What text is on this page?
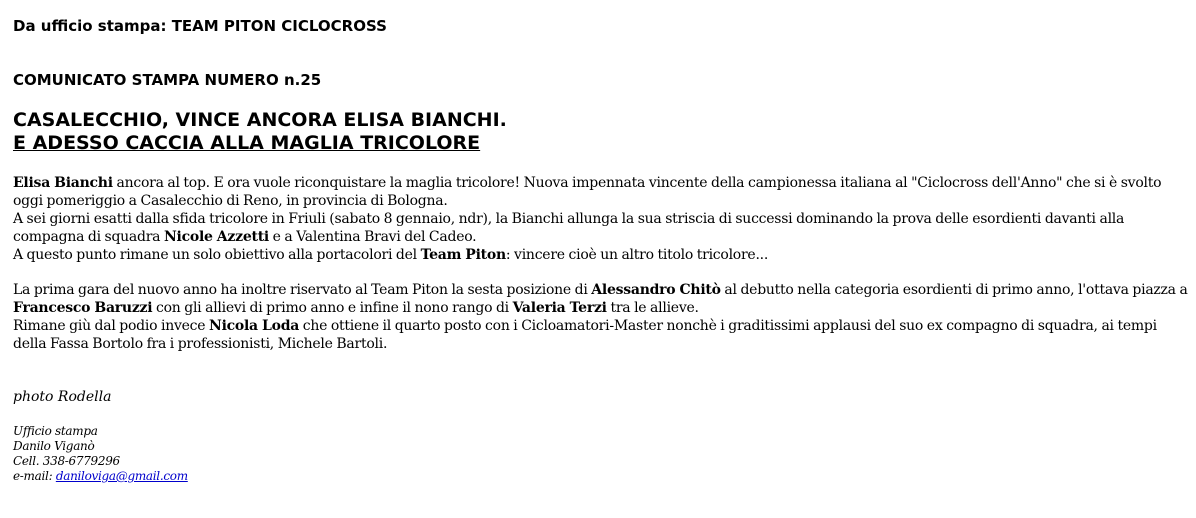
Da ufficio stampa: TEAM PITON CICLOCROSS
COMUNICATO STAMPA NUMERO n.25
CASALECCHIO, VINCE ANCORA ELISA BIANCHI.
E ADESSO CACCIA ALLA MAGLIA TRICOLORE

Elisa Bianchi ancora al top. E ora vuole riconquistare la maglia tricolore! Nuova impennata vincente della campionessa italiana al "Ciclocross dell'Anno" che si è svolto oggi pomeriggio a Casalecchio di Reno, in provincia di Bologna.

A sei giorni esatti dalla sfida tricolore in Friuli (sabato 8 gennaio, ndr), la Bianchi allunga la sua striscia di successi dominando la prova delle esordienti davanti alla compagna di squadra Nicole Azzetti e a Valentina Bravi del Cadeo.

A questo punto rimane un solo obiettivo alla portacolori del Team Piton: vincere cioè un altro titolo tricolore...

La prima gara del nuovo anno ha inoltre riservato al Team Piton la sesta posizione di Alessandro Chitò al debutto nella categoria esordienti di primo anno, l'ottava piazza a Francesco Baruzzi con gli allievi di primo anno e infine il nono rango di Valeria Terzi tra le allieve.

Rimane giù dal podio invece Nicola Loda che ottiene il quarto posto con i Cicloamatori-Master nonchè i graditissimi applausi del suo ex compagno di squadra, ai tempi della Fassa Bortolo fra i professionisti, Michele Bartoli.

photo Rodella
Ufficio stampa
Danilo Viganò
Cell. 338-6779296
e-mail: daniloviga@gmail.com
